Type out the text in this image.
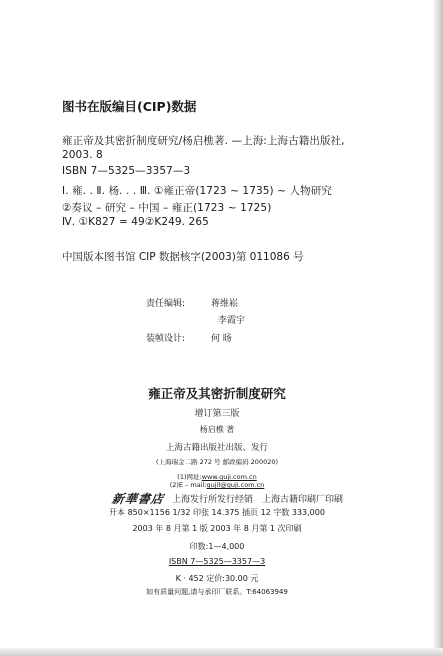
图书在版编目(CIP)数据
雍正帝及其密折制度研究/杨启樵著. —上海:上海古籍出版社,
2003. 8
ISBN 7—5325—3357—3
Ⅰ. 雍. . Ⅱ. 杨. . . Ⅲ. ①雍正帝(1723 ~ 1735) ~ 人物研究
②奏议 – 研究 – 中国 – 雍正(1723 ~ 1725)
Ⅳ. ①K827 = 49②K249. 265
中国版本图书馆 CIP 数据核字(2003)第 011086 号
责任编辑:	蒋维崧
李霞宇
装帧设计:	何 旸
雍正帝及其密折制度研究
增订第三版
杨启樵 著
上海古籍出版社出版、发行
(上海瑞金二路 272 号 邮政编码 200020)
(1)网址:www.guji.com.cn
(2)E – mail:gujil@guji.com.cn
新華書店 上海发行所发行经销 上海古籍印刷厂印刷
开本 850×1156 1/32 印张 14.375 插页 12 字数 333,000
2003 年 8 月第 1 版 2003 年 8 月第 1 次印刷
印数:1—4,000
ISBN 7—5325—3357—3
K · 452 定价:30.00 元
如有质量问题,请与承印厂联系。T:64063949
